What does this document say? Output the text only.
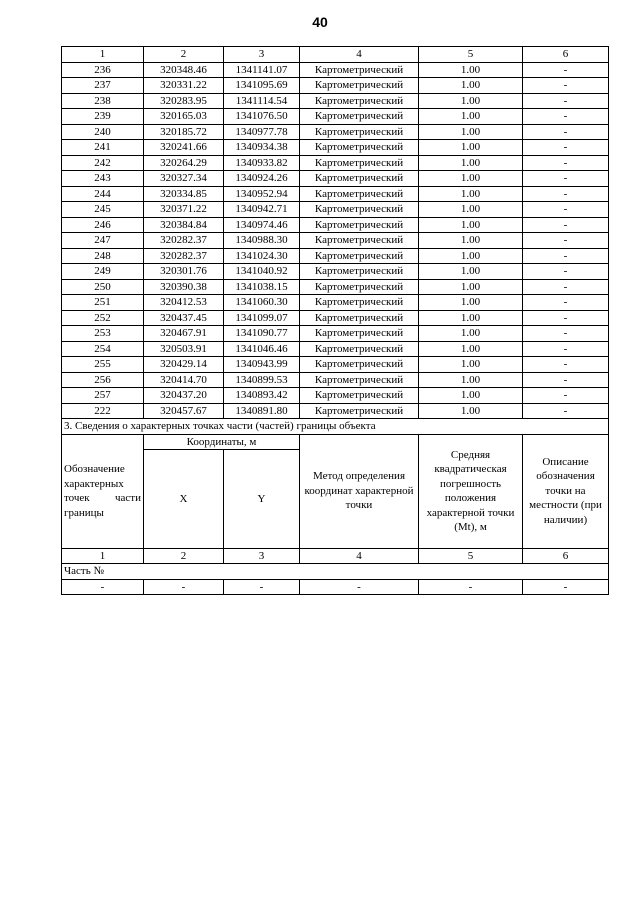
40
1	2	3	4	5	6
236	320348.46	1341141.07	Картометрический	1.00	-
237	320331.22	1341095.69	Картометрический	1.00	-
238	320283.95	1341114.54	Картометрический	1.00	-
239	320165.03	1341076.50	Картометрический	1.00	-
240	320185.72	1340977.78	Картометрический	1.00	-
241	320241.66	1340934.38	Картометрический	1.00	-
242	320264.29	1340933.82	Картометрический	1.00	-
243	320327.34	1340924.26	Картометрический	1.00	-
244	320334.85	1340952.94	Картометрический	1.00	-
245	320371.22	1340942.71	Картометрический	1.00	-
246	320384.84	1340974.46	Картометрический	1.00	-
247	320282.37	1340988.30	Картометрический	1.00	-
248	320282.37	1341024.30	Картометрический	1.00	-
249	320301.76	1341040.92	Картометрический	1.00	-
250	320390.38	1341038.15	Картометрический	1.00	-
251	320412.53	1341060.30	Картометрический	1.00	-
252	320437.45	1341099.07	Картометрический	1.00	-
253	320467.91	1341090.77	Картометрический	1.00	-
254	320503.91	1341046.46	Картометрический	1.00	-
255	320429.14	1340943.99	Картометрический	1.00	-
256	320414.70	1340899.53	Картометрический	1.00	-
257	320437.20	1340893.42	Картометрический	1.00	-
222	320457.67	1340891.80	Картометрический	1.00	-
3. Сведения о характерных точках части (частей) границы объекта					
Обозначение характерных точек части границы	Координаты, м		Метод определения координат характерной точки	Средняя квадратическая погрешность положения характерной точки (Mt), м	Описание обозначения точки на местности (при наличии)
	X	Y			
1	2	3	4	5	6
Часть №					
-	-	-	-	-	-
